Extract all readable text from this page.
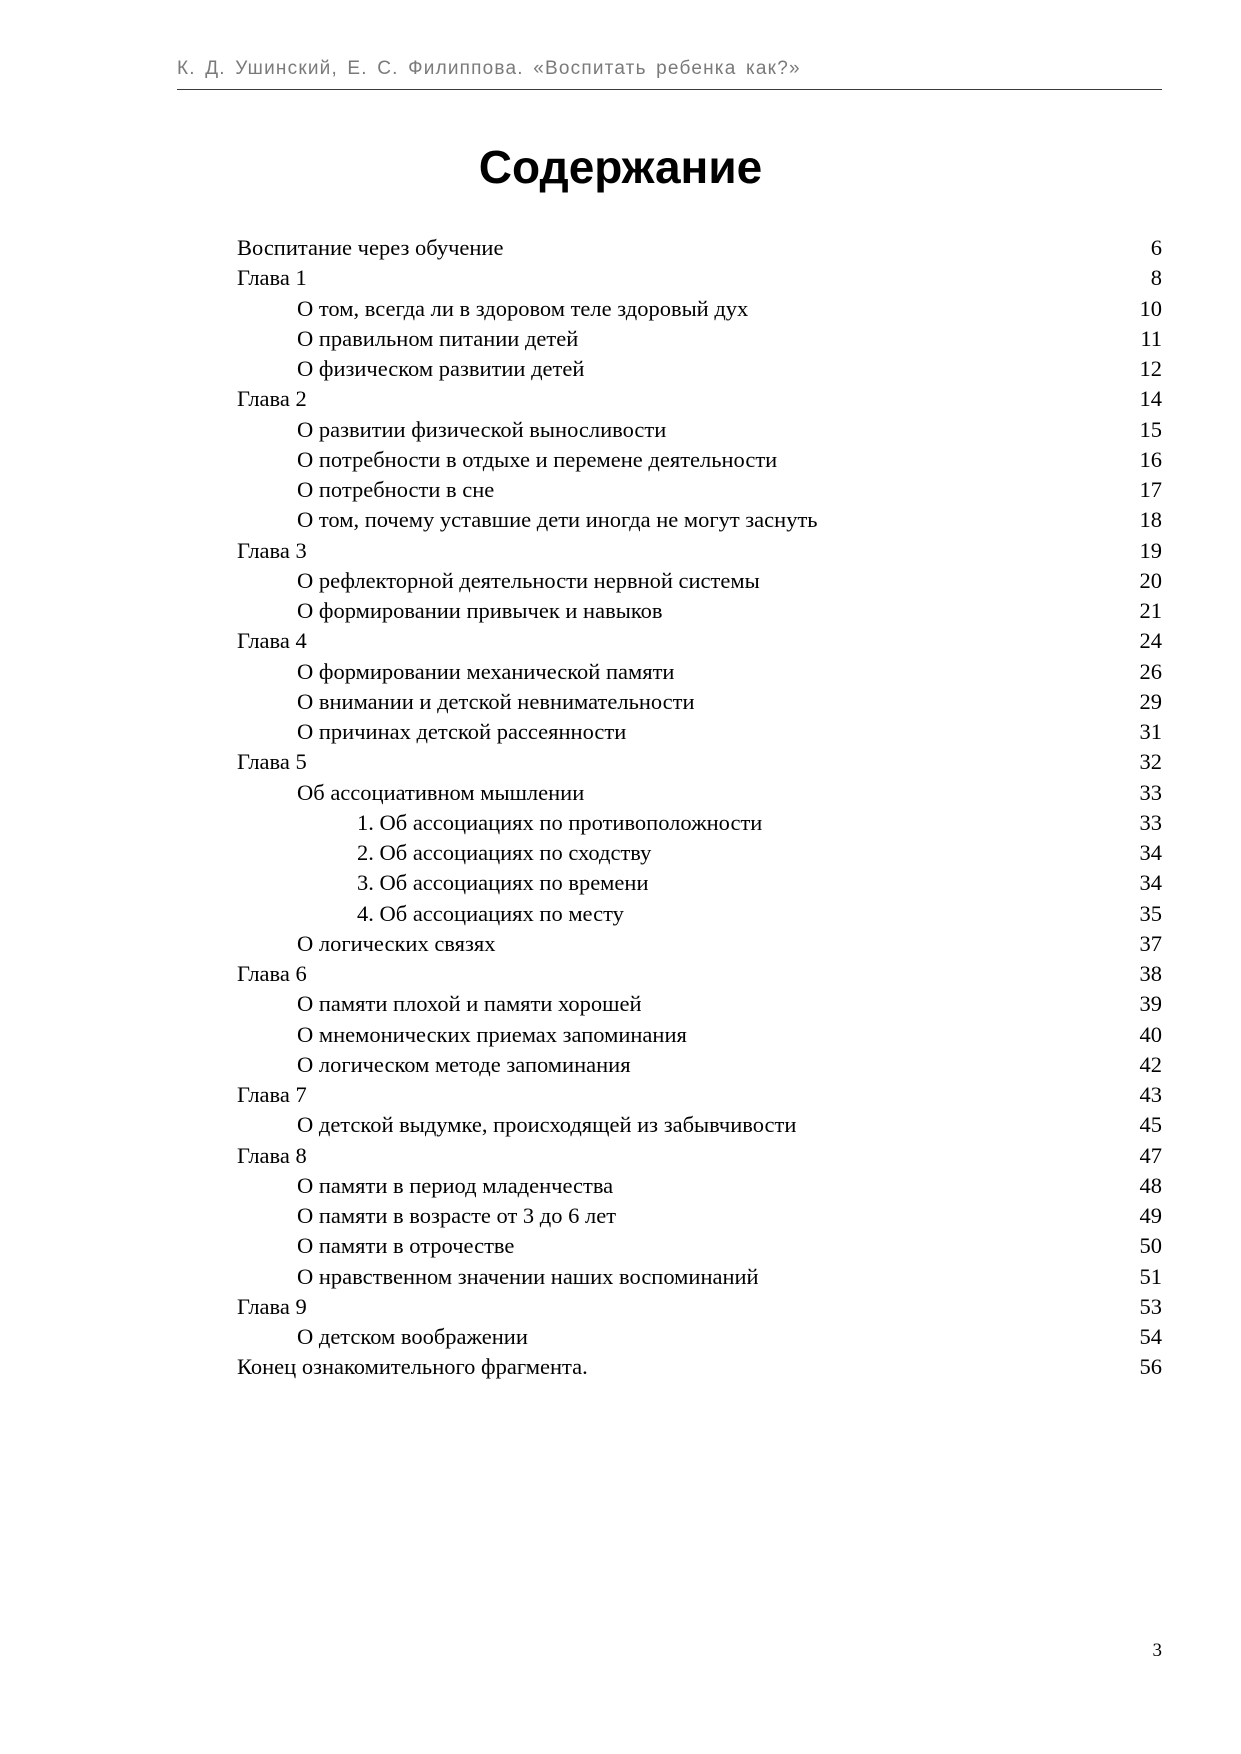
К. Д. Ушинский, Е. С. Филиппова. «Воспитать ребенка как?»
Содержание
Воспитание через обучение	6
Глава 1	8
О том, всегда ли в здоровом теле здоровый дух	10
О правильном питании детей	11
О физическом развитии детей	12
Глава 2	14
О развитии физической выносливости	15
О потребности в отдыхе и перемене деятельности	16
О потребности в сне	17
О том, почему уставшие дети иногда не могут заснуть	18
Глава 3	19
О рефлекторной деятельности нервной системы	20
О формировании привычек и навыков	21
Глава 4	24
О формировании механической памяти	26
О внимании и детской невнимательности	29
О причинах детской рассеянности	31
Глава 5	32
Об ассоциативном мышлении	33
1. Об ассоциациях по противоположности	33
2. Об ассоциациях по сходству	34
3. Об ассоциациях по времени	34
4. Об ассоциациях по месту	35
О логических связях	37
Глава 6	38
О памяти плохой и памяти хорошей	39
О мнемонических приемах запоминания	40
О логическом методе запоминания	42
Глава 7	43
О детской выдумке, происходящей из забывчивости	45
Глава 8	47
О памяти в период младенчества	48
О памяти в возрасте от 3 до 6 лет	49
О памяти в отрочестве	50
О нравственном значении наших воспоминаний	51
Глава 9	53
О детском воображении	54
Конец ознакомительного фрагмента.	56
3
